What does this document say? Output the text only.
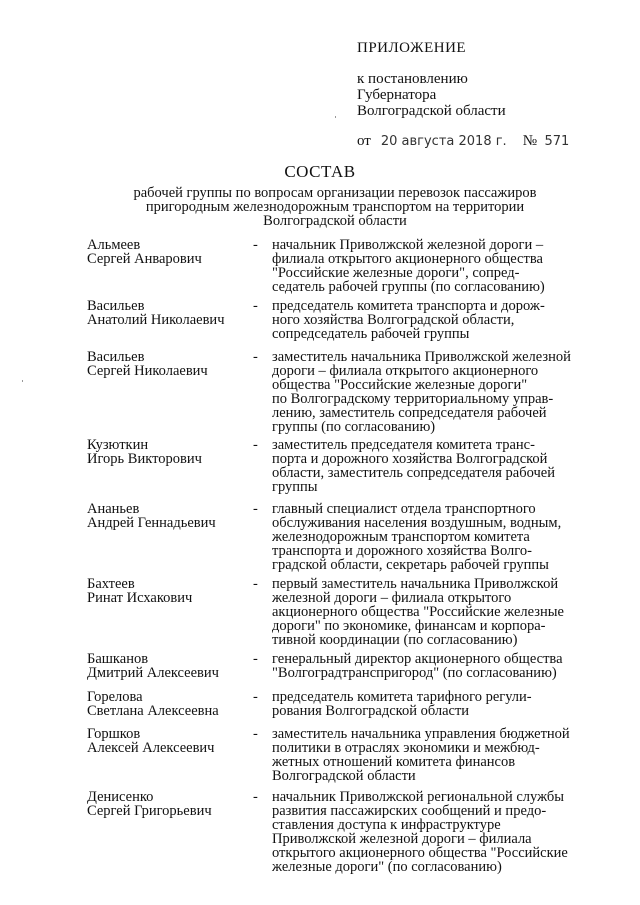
ПРИЛОЖЕНИЕ
к постановлению
Губернатора
Волгоградской области
от 20 августа 2018 г. № 571
СОСТАВ
рабочей группы по вопросам организации перевозок пассажиров
пригородным железнодорожным транспортом на территории
Волгоградской области
Альмеев
Сергей Анварович
- начальник Приволжской железной дороги –
филиала открытого акционерного общества
"Российские железные дороги", сопред-
седатель рабочей группы (по согласованию)
Васильев
Анатолий Николаевич
- председатель комитета транспорта и дорож-
ного хозяйства Волгоградской области,
сопредседатель рабочей группы
Васильев
Сергей Николаевич
- заместитель начальника Приволжской железной
дороги – филиала открытого акционерного
общества "Российские железные дороги"
по Волгоградскому территориальному управ-
лению, заместитель сопредседателя рабочей
группы (по согласованию)
Кузюткин
Игорь Викторович
- заместитель председателя комитета транс-
порта и дорожного хозяйства Волгоградской
области, заместитель сопредседателя рабочей
группы
Ананьев
Андрей Геннадьевич
- главный специалист отдела транспортного
обслуживания населения воздушным, водным,
железнодорожным транспортом комитета
транспорта и дорожного хозяйства Волго-
градской области, секретарь рабочей группы
Бахтеев
Ринат Исхакович
- первый заместитель начальника Приволжской
железной дороги – филиала открытого
акционерного общества "Российские железные
дороги" по экономике, финансам и корпора-
тивной координации (по согласованию)
Башканов
Дмитрий Алексеевич
- генеральный директор акционерного общества
"Волгоградтранспригород" (по согласованию)
Горелова
Светлана Алексеевна
- председатель комитета тарифного регули-
рования Волгоградской области
Горшков
Алексей Алексеевич
- заместитель начальника управления бюджетной
политики в отраслях экономики и межбюд-
жетных отношений комитета финансов
Волгоградской области
Денисенко
Сергей Григорьевич
- начальник Приволжской региональной службы
развития пассажирских сообщений и предо-
ставления доступа к инфраструктуре
Приволжской железной дороги – филиала
открытого акционерного общества "Российские
железные дороги" (по согласованию)
